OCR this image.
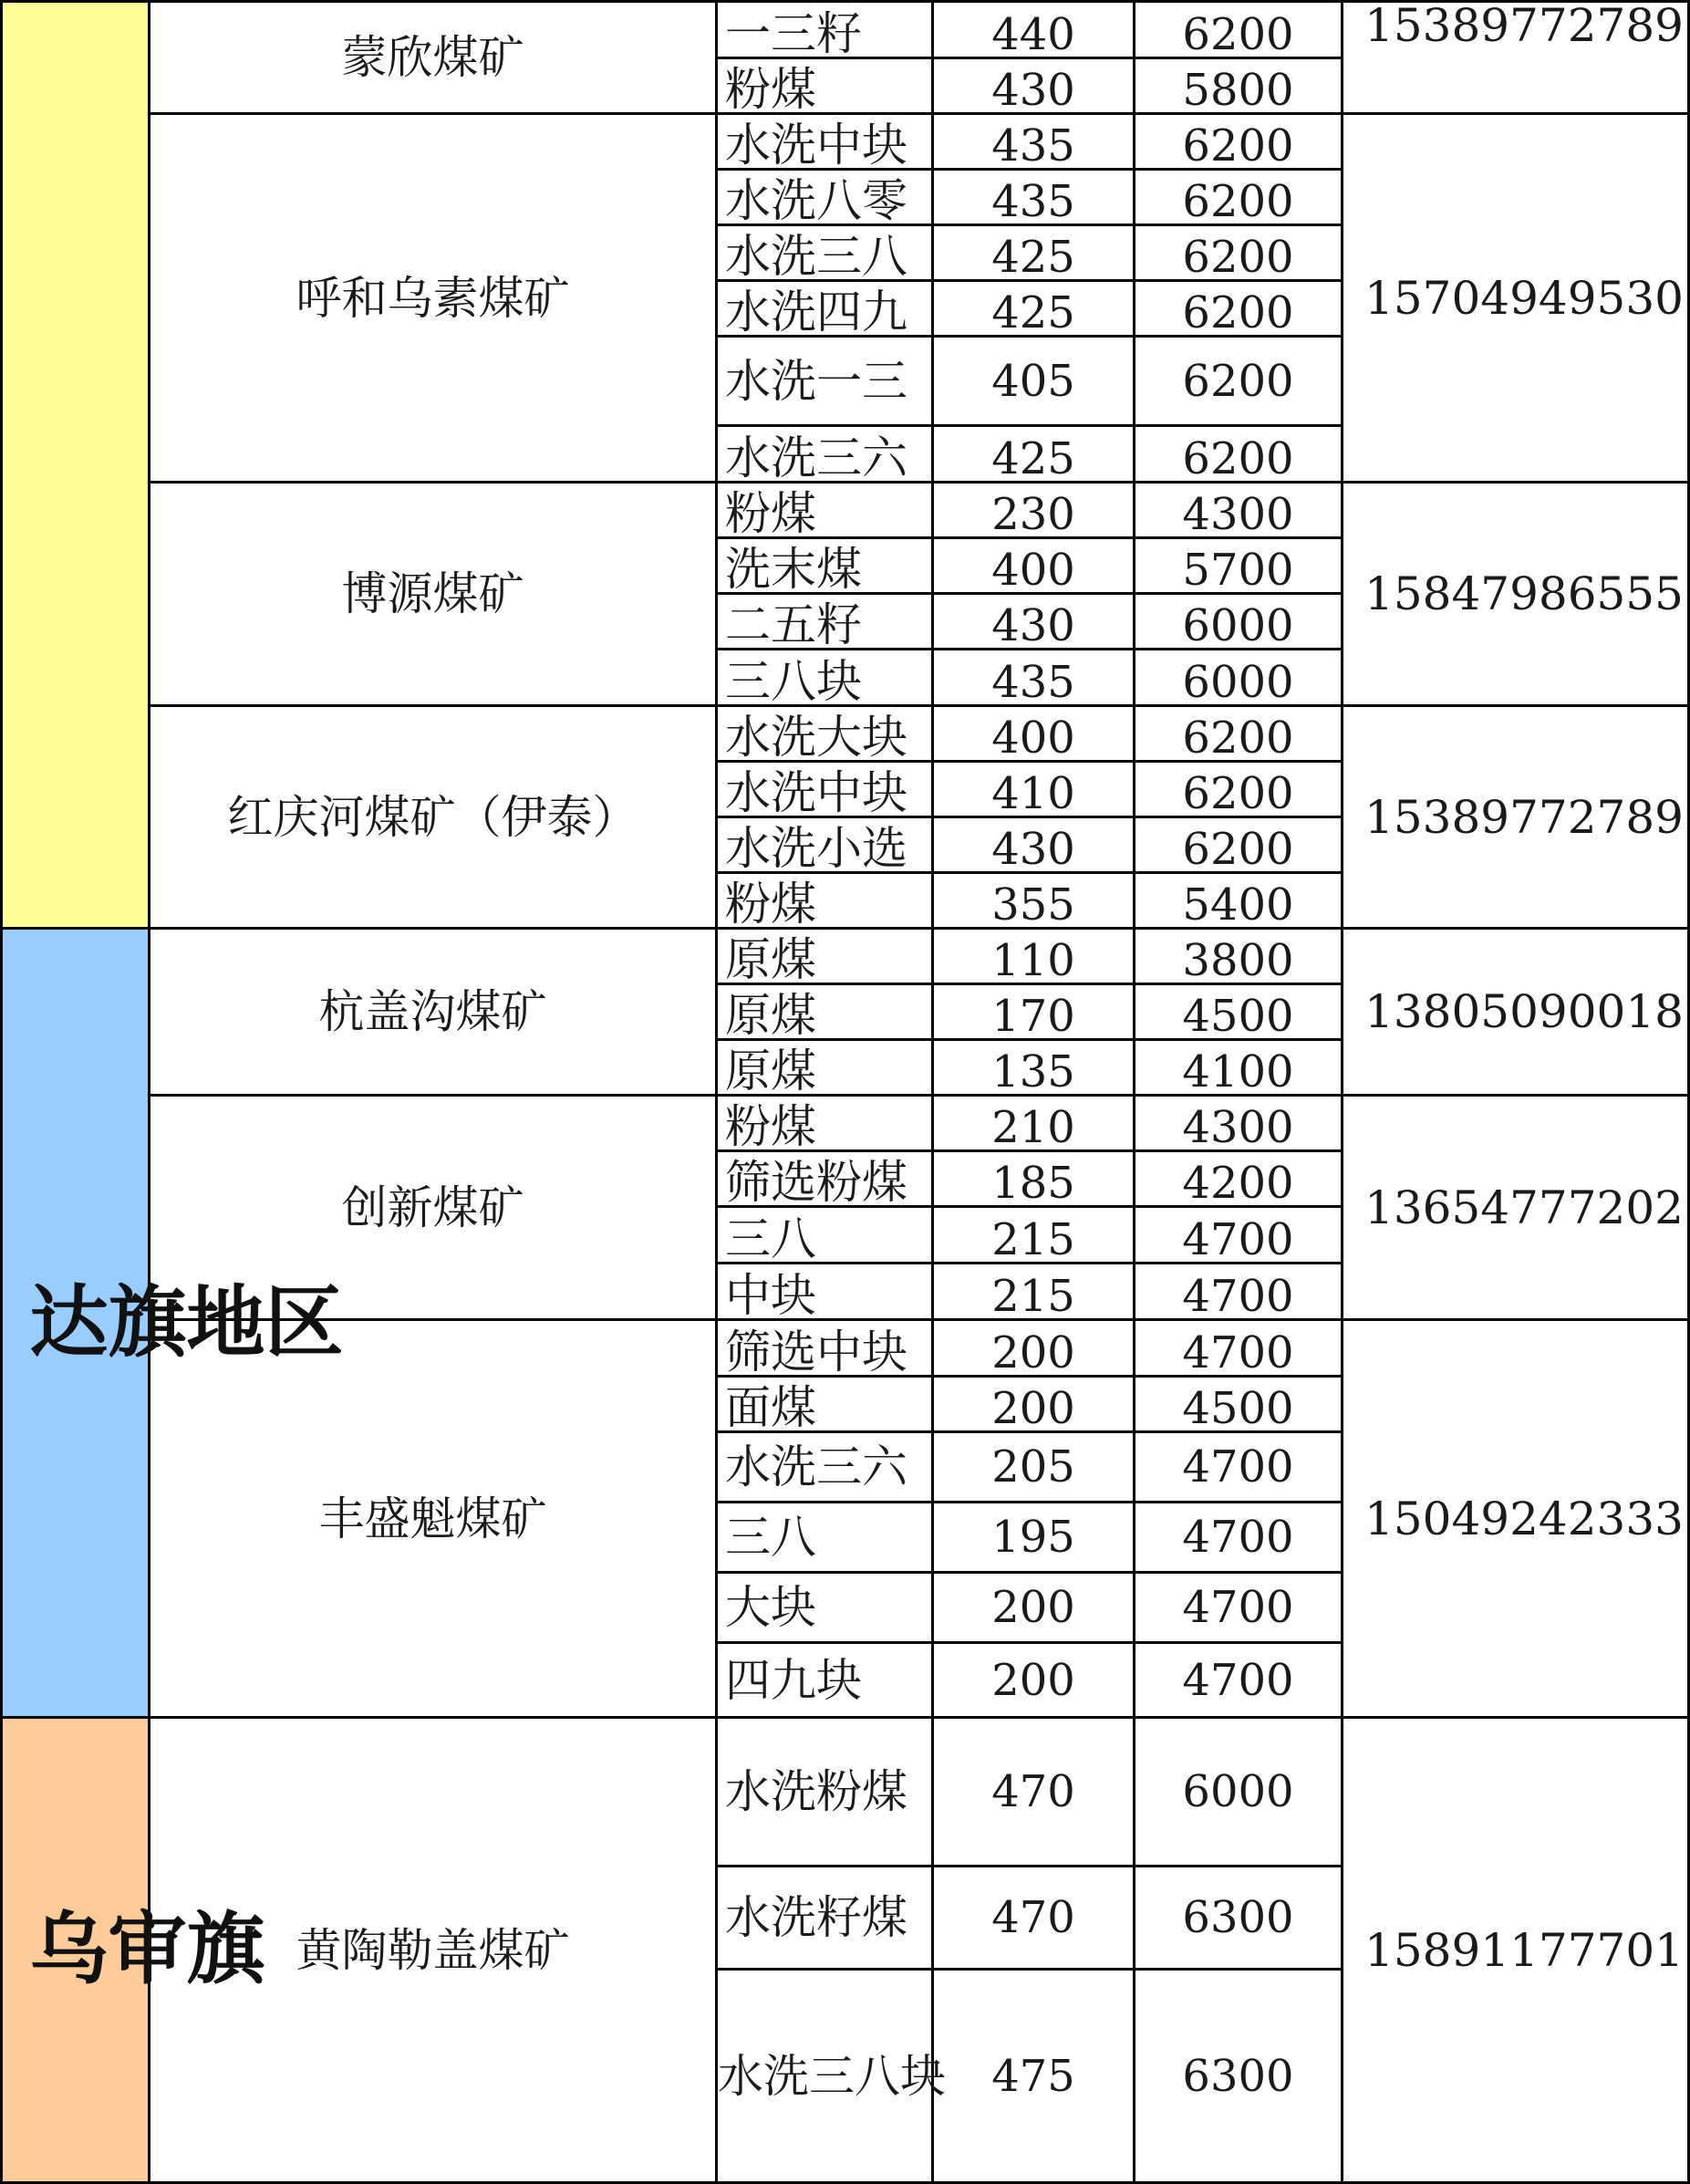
	蒙欣煤矿	一三籽	440	6200	15389772789
		粉煤	430	5800	
	呼和乌素煤矿	水洗中块	435	6200	15704949530
		水洗八零	435	6200	
		水洗三八	425	6200	
		水洗四九	425	6200	
		水洗一三	405	6200	
		水洗三六	425	6200	
	博源煤矿	粉煤	230	4300	15847986555
		洗末煤	400	5700	
		二五籽	430	6000	
		三八块	435	6000	
	红庆河煤矿（伊泰）	水洗大块	400	6200	15389772789
		水洗中块	410	6200	
		水洗小选	430	6200	
		粉煤	355	5400	
达旗地区	杭盖沟煤矿	原煤	110	3800	13805090018
		原煤	170	4500	
		原煤	135	4100	
	创新煤矿	粉煤	210	4300	13654777202
		筛选粉煤	185	4200	
		三八	215	4700	
		中块	215	4700	
	丰盛魁煤矿	筛选中块	200	4700	15049242333
		面煤	200	4500	
		水洗三六	205	4700	
		三八	195	4700	
		大块	200	4700	
		四九块	200	4700	
乌审旗	黄陶勒盖煤矿	水洗粉煤	470	6000	15891177701
		水洗籽煤	470	6300	
		水洗三八块	475	6300	
